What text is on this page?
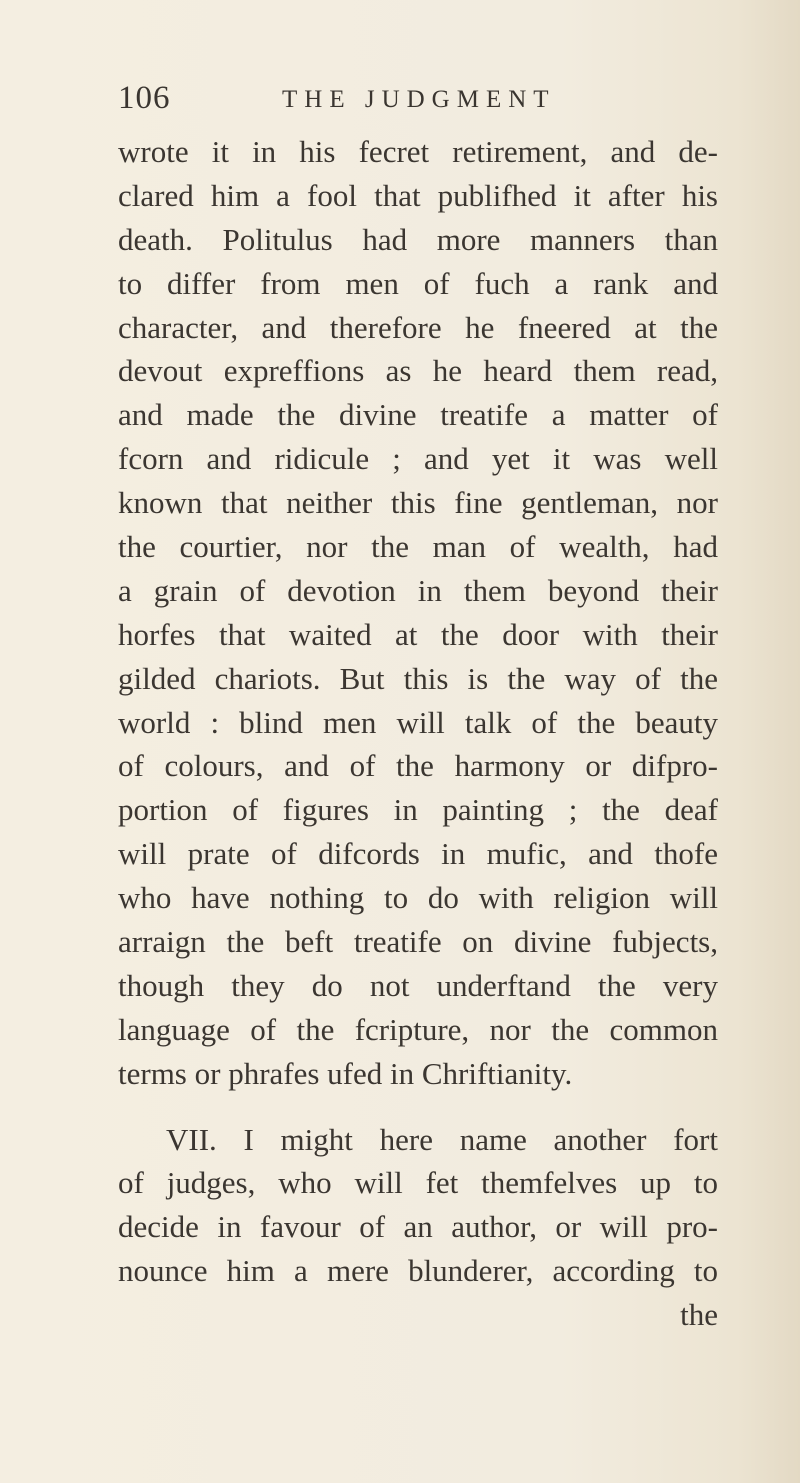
106	THE JUDGMENT
wrote it in his fecret retirement, and de-
clared him a fool that publifhed it after his
death. Politulus had more manners than
to differ from men of fuch a rank and
character, and therefore he fneered at the
devout expreffions as he heard them read,
and made the divine treatife a matter of
fcorn and ridicule ; and yet it was well
known that neither this fine gentleman, nor
the courtier, nor the man of wealth, had
a grain of devotion in them beyond their
horfes that waited at the door with their
gilded chariots. But this is the way of the
world : blind men will talk of the beauty
of colours, and of the harmony or difpro-
portion of figures in painting ; the deaf
will prate of difcords in mufic, and thofe
who have nothing to do with religion will
arraign the beft treatife on divine fubjects,
though they do not underftand the very
language of the fcripture, nor the common
terms or phrafes ufed in Chriftianity.
VII. I might here name another fort
of judges, who will fet themfelves up to
decide in favour of an author, or will pro-
nounce him a mere blunderer, according to
the
